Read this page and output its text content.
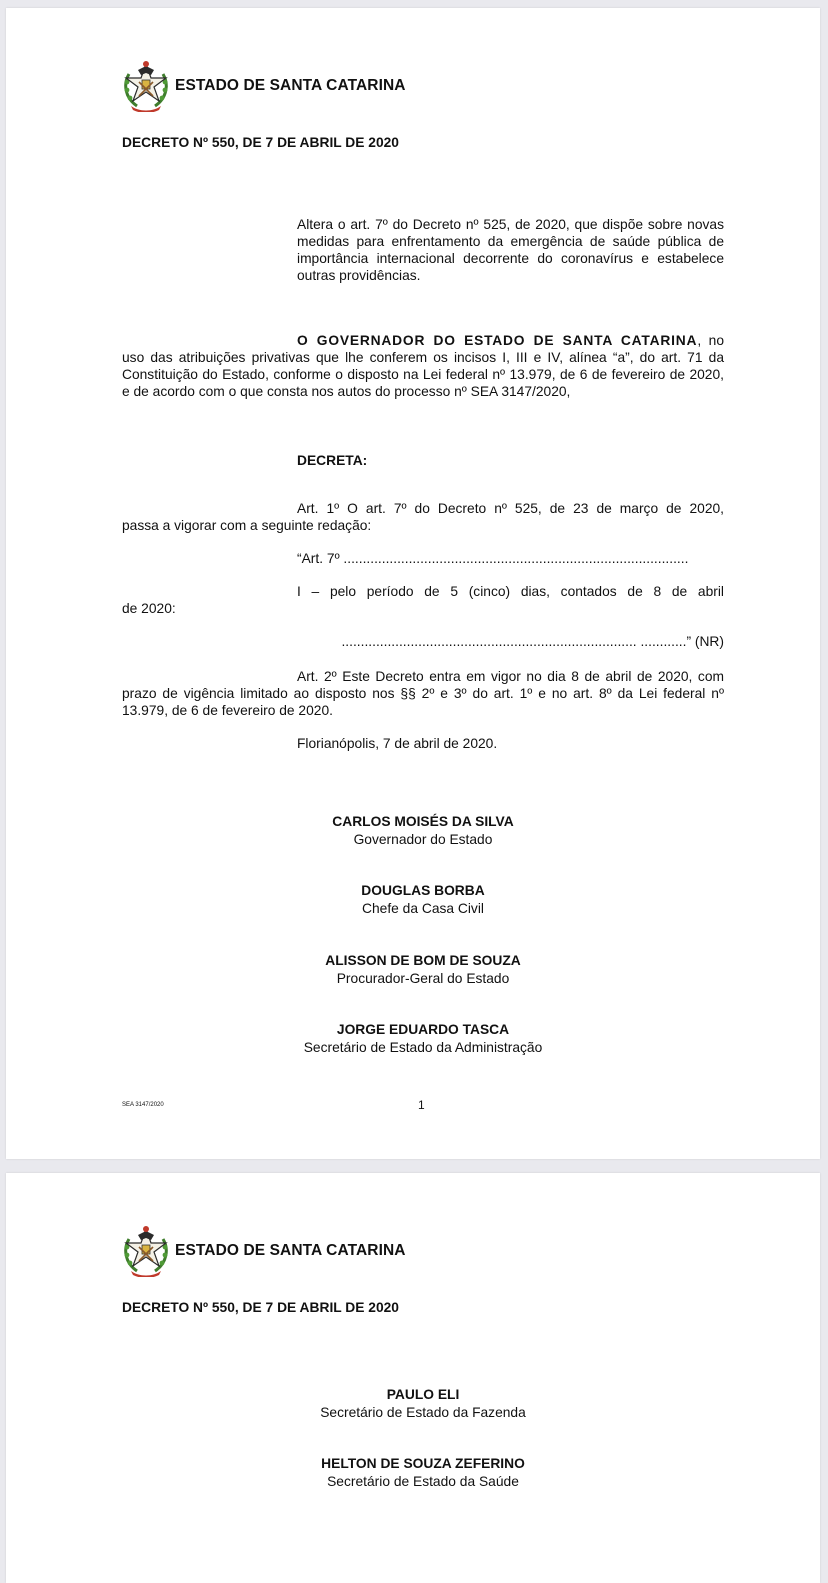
ESTADO DE SANTA CATARINA
DECRETO Nº 550, DE 7 DE ABRIL DE 2020
Altera o art. 7º do Decreto nº 525, de 2020, que dispõe sobre novas medidas para enfrentamento da emergência de saúde pública de importância internacional decorrente do coronavírus e estabelece outras providências.
O GOVERNADOR DO ESTADO DE SANTA CATARINA, no uso das atribuições privativas que lhe conferem os incisos I, III e IV, alínea “a”, do art. 71 da Constituição do Estado, conforme o disposto na Lei federal nº 13.979, de 6 de fevereiro de 2020, e de acordo com o que consta nos autos do processo nº SEA 3147/2020,
DECRETA:
Art. 1º O art. 7º do Decreto nº 525, de 23 de março de 2020,
passa a vigorar com a seguinte redação:
“Art. 7º ..........................................................................................
I – pelo período de 5 (cinco) dias, contados de 8 de abril
de 2020:
............................................................................. ............” (NR)
Art. 2º Este Decreto entra em vigor no dia 8 de abril de 2020, com prazo de vigência limitado ao disposto nos §§ 2º e 3º do art. 1º e no art. 8º da Lei federal nº 13.979, de 6 de fevereiro de 2020.
Florianópolis, 7 de abril de 2020.
CARLOS MOISÉS DA SILVA
Governador do Estado
DOUGLAS BORBA
Chefe da Casa Civil
ALISSON DE BOM DE SOUZA
Procurador-Geral do Estado
JORGE EDUARDO TASCA
Secretário de Estado da Administração
SEA 3147/2020	1
ESTADO DE SANTA CATARINA
DECRETO Nº 550, DE 7 DE ABRIL DE 2020
PAULO ELI
Secretário de Estado da Fazenda
HELTON DE SOUZA ZEFERINO
Secretário de Estado da Saúde
